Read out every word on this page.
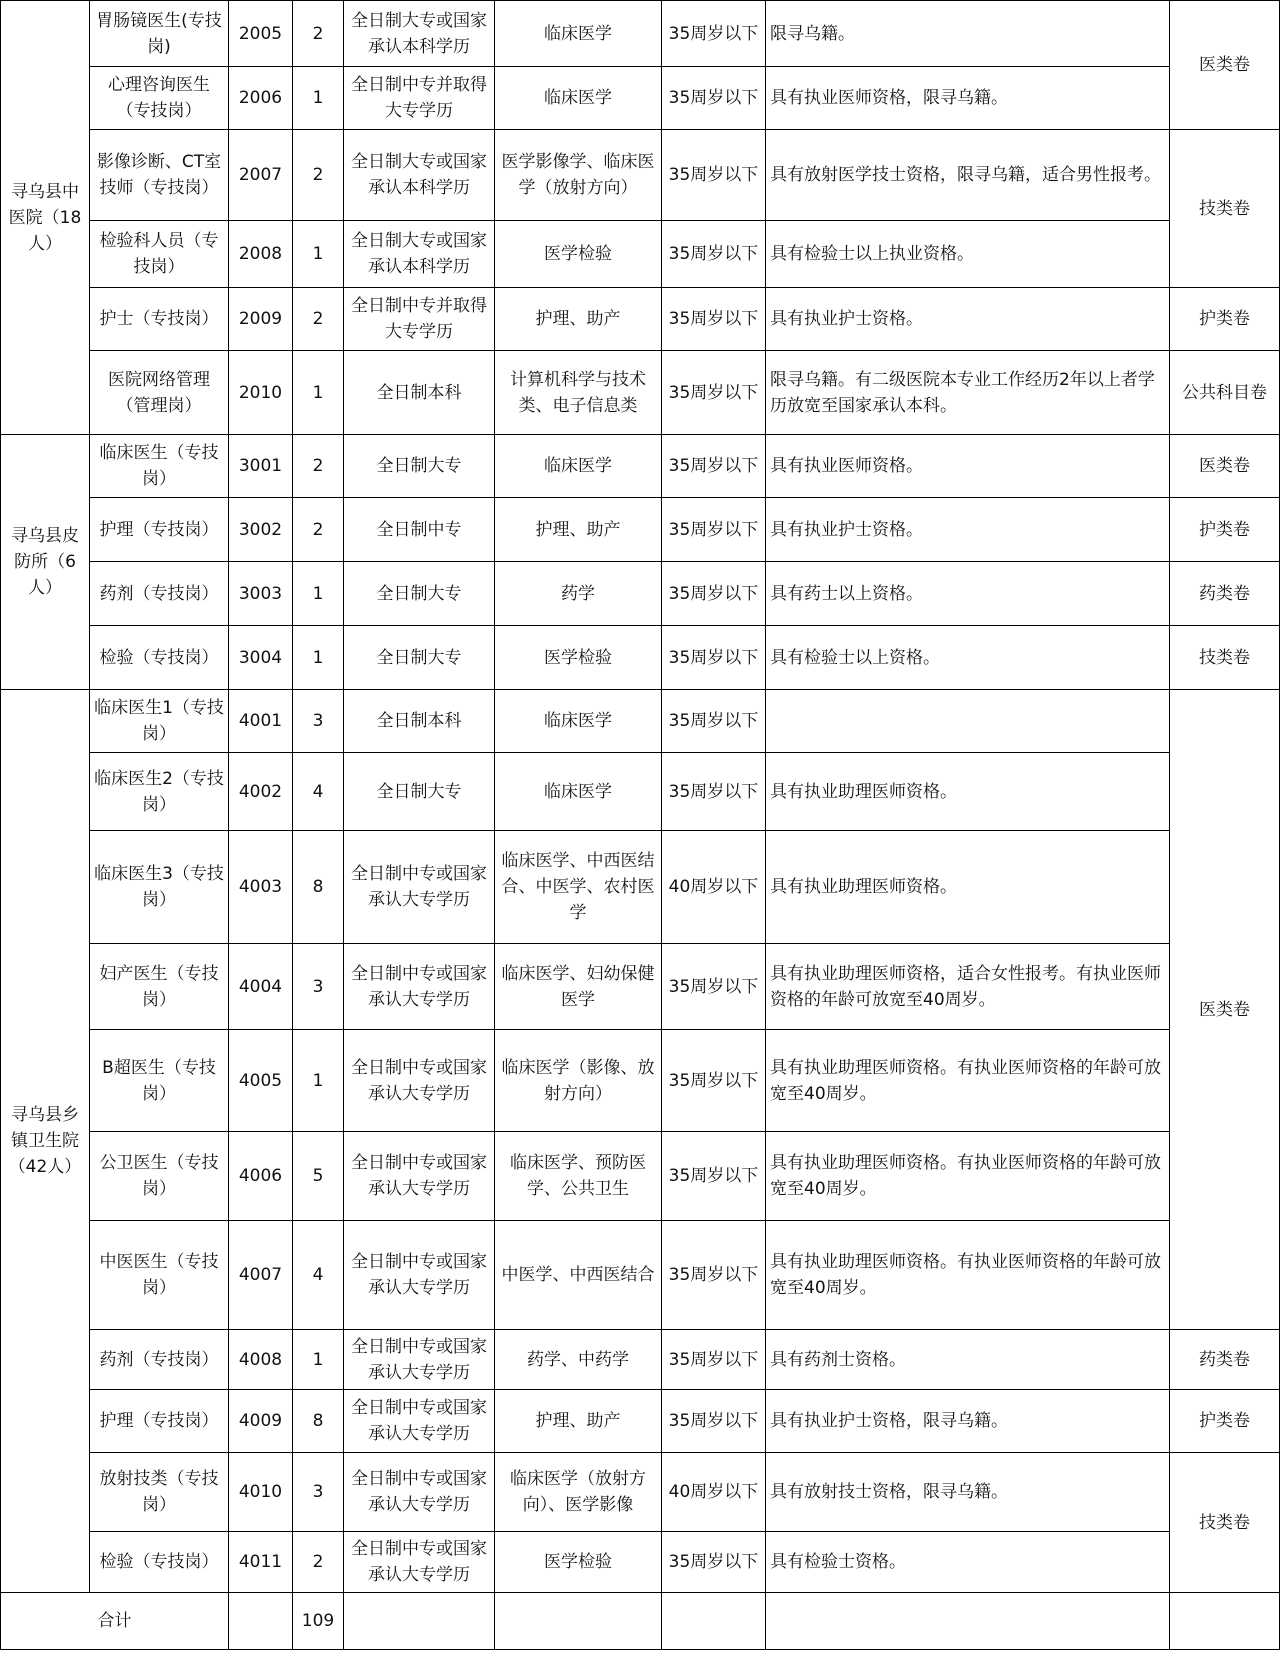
寻乌县中医院（18人）	胃肠镜医生(专技岗)	2005	2	全日制大专或国家承认本科学历	临床医学	35周岁以下	限寻乌籍。	医类卷
	心理咨询医生（专技岗）	2006	1	全日制中专并取得大专学历	临床医学	35周岁以下	具有执业医师资格，限寻乌籍。	
	影像诊断、CT室技师（专技岗）	2007	2	全日制大专或国家承认本科学历	医学影像学、临床医学（放射方向）	35周岁以下	具有放射医学技士资格，限寻乌籍，适合男性报考。	技类卷
	检验科人员（专技岗）	2008	1	全日制大专或国家承认本科学历	医学检验	35周岁以下	具有检验士以上执业资格。	
	护士（专技岗）	2009	2	全日制中专并取得大专学历	护理、助产	35周岁以下	具有执业护士资格。	护类卷
	医院网络管理（管理岗）	2010	1	全日制本科	计算机科学与技术类、电子信息类	35周岁以下	限寻乌籍。有二级医院本专业工作经历2年以上者学历放宽至国家承认本科。	公共科目卷
寻乌县皮防所（6人）	临床医生（专技岗）	3001	2	全日制大专	临床医学	35周岁以下	具有执业医师资格。	医类卷
	护理（专技岗）	3002	2	全日制中专	护理、助产	35周岁以下	具有执业护士资格。	护类卷
	药剂（专技岗）	3003	1	全日制大专	药学	35周岁以下	具有药士以上资格。	药类卷
	检验（专技岗）	3004	1	全日制大专	医学检验	35周岁以下	具有检验士以上资格。	技类卷
寻乌县乡镇卫生院（42人）	临床医生1（专技岗）	4001	3	全日制本科	临床医学	35周岁以下		医类卷
	临床医生2（专技岗）	4002	4	全日制大专	临床医学	35周岁以下	具有执业助理医师资格。	
	临床医生3（专技岗）	4003	8	全日制中专或国家承认大专学历	临床医学、中西医结合、中医学、农村医学	40周岁以下	具有执业助理医师资格。	
	妇产医生（专技岗）	4004	3	全日制中专或国家承认大专学历	临床医学、妇幼保健医学	35周岁以下	具有执业助理医师资格，适合女性报考。有执业医师资格的年龄可放宽至40周岁。	
	B超医生（专技岗）	4005	1	全日制中专或国家承认大专学历	临床医学（影像、放射方向）	35周岁以下	具有执业助理医师资格。有执业医师资格的年龄可放宽至40周岁。	
	公卫医生（专技岗）	4006	5	全日制中专或国家承认大专学历	临床医学、预防医学、公共卫生	35周岁以下	具有执业助理医师资格。有执业医师资格的年龄可放宽至40周岁。	
	中医医生（专技岗）	4007	4	全日制中专或国家承认大专学历	中医学、中西医结合	35周岁以下	具有执业助理医师资格。有执业医师资格的年龄可放宽至40周岁。	
	药剂（专技岗）	4008	1	全日制中专或国家承认大专学历	药学、中药学	35周岁以下	具有药剂士资格。	药类卷
	护理（专技岗）	4009	8	全日制中专或国家承认大专学历	护理、助产	35周岁以下	具有执业护士资格，限寻乌籍。	护类卷
	放射技类（专技岗）	4010	3	全日制中专或国家承认大专学历	临床医学（放射方向）、医学影像	40周岁以下	具有放射技士资格，限寻乌籍。	技类卷
	检验（专技岗）	4011	2	全日制中专或国家承认大专学历	医学检验	35周岁以下	具有检验士资格。	
合计			109					
